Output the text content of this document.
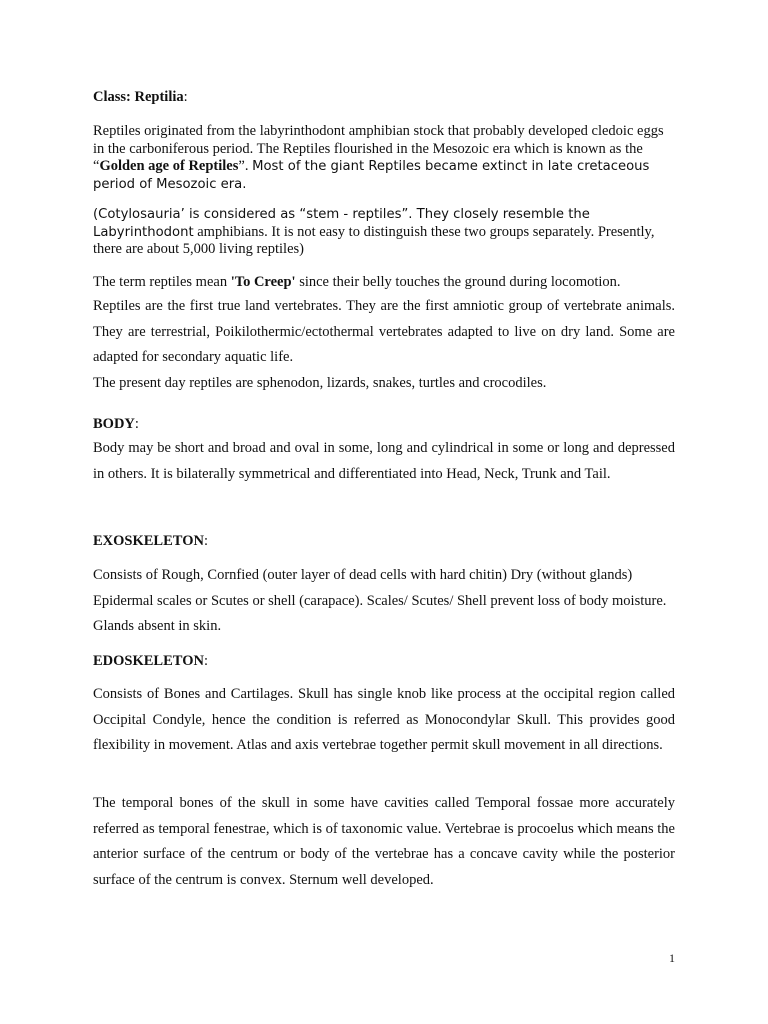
Class: Reptilia:

Reptiles originated from the labyrinthodont amphibian stock that probably developed cledoic eggs in the carboniferous period. The Reptiles flourished in the Mesozoic era which is known as the “Golden age of Reptiles”. Most of the giant Reptiles became extinct in late cretaceous period of Mesozoic era.

(Cotylosauria’ is considered as “stem - reptiles”. They closely resemble the Labyrinthodont amphibians. It is not easy to distinguish these two groups separately. Presently, there are about 5,000 living reptiles)

The term reptiles mean 'To Creep' since their belly touches the ground during locomotion.

Reptiles are the first true land vertebrates. They are the first amniotic group of vertebrate animals. They are terrestrial, Poikilothermic/ectothermal vertebrates adapted to live on dry land. Some are adapted for secondary aquatic life.

The present day reptiles are sphenodon, lizards, snakes, turtles and crocodiles.

BODY:

Body may be short and broad and oval in some, long and cylindrical in some or long and depressed in others. It is bilaterally symmetrical and differentiated into Head, Neck, Trunk and Tail.

EXOSKELETON:

Consists of Rough, Cornfied (outer layer of dead cells with hard chitin) Dry (without glands) Epidermal scales or Scutes or shell (carapace). Scales/ Scutes/ Shell prevent loss of body moisture. Glands absent in skin.

EDOSKELETON:

Consists of Bones and Cartilages. Skull has single knob like process at the occipital region called Occipital Condyle, hence the condition is referred as Monocondylar Skull. This provides good flexibility in movement. Atlas and axis vertebrae together permit skull movement in all directions.

The temporal bones of the skull in some have cavities called Temporal fossae more accurately referred as temporal fenestrae, which is of taxonomic value. Vertebrae is procoelus which means the anterior surface of the centrum or body of the vertebrae has a concave cavity while the posterior surface of the centrum is convex. Sternum well developed.

1
